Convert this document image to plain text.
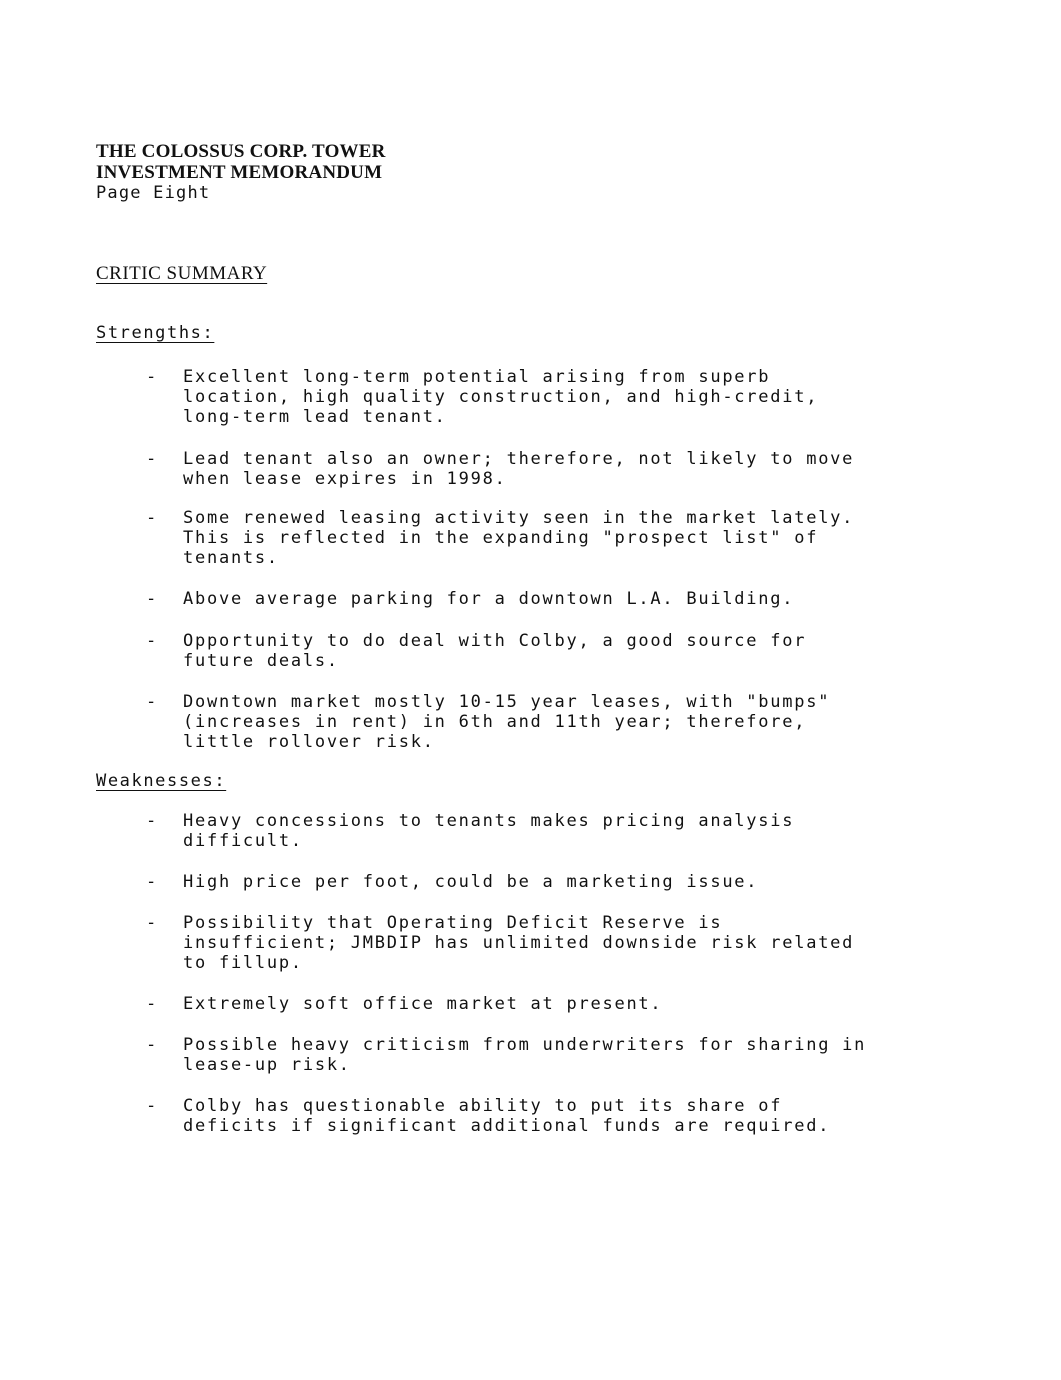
THE COLOSSUS CORP. TOWER
INVESTMENT MEMORANDUM
Page Eight
CRITIC SUMMARY
Strengths:
- Excellent long-term potential arising from superb
location, high quality construction, and high-credit,
long-term lead tenant.
- Lead tenant also an owner; therefore, not likely to move
when lease expires in 1998.
- Some renewed leasing activity seen in the market lately.
This is reflected in the expanding "prospect list" of
tenants.
- Above average parking for a downtown L.A. Building.
- Opportunity to do deal with Colby, a good source for
future deals.
- Downtown market mostly 10-15 year leases, with "bumps"
(increases in rent) in 6th and 11th year; therefore,
little rollover risk.
Weaknesses:
- Heavy concessions to tenants makes pricing analysis
difficult.
- High price per foot, could be a marketing issue.
- Possibility that Operating Deficit Reserve is
insufficient; JMBDIP has unlimited downside risk related
to fillup.
- Extremely soft office market at present.
- Possible heavy criticism from underwriters for sharing in
lease-up risk.
- Colby has questionable ability to put its share of
deficits if significant additional funds are required.
